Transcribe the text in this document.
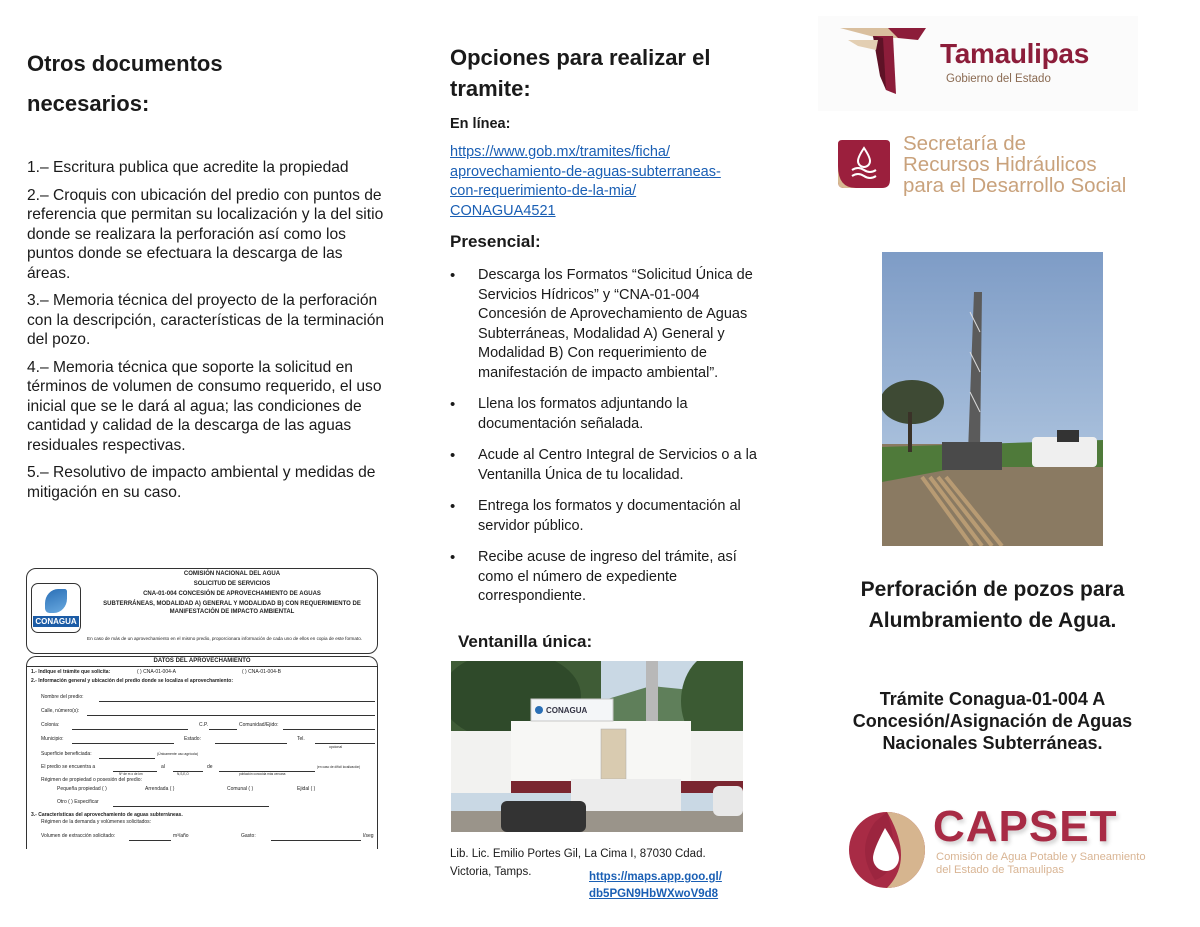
Otros documentos
necesarios:

1.– Escritura publica que acredite la propiedad

2.– Croquis con ubicación del predio con puntos de referencia que permitan su localización y la del sitio donde se realizara la perforación así como los puntos donde se efectuara la descarga de las áreas.

3.– Memoria técnica del proyecto de la perforación con la descripción, características de la terminación del pozo.

4.– Memoria técnica que soporte la solicitud en términos de volumen de consumo requerido, el uso inicial que se le dará al agua; las condiciones de cantidad y calidad de la descarga de las aguas residuales respectivas.

5.– Resolutivo de impacto ambiental y medidas de mitigación en su caso.

CONAGUA
COMISIÓN NACIONAL DEL AGUA
SOLICITUD DE SERVICIOS
CNA-01-004 CONCESIÓN DE APROVECHAMIENTO DE AGUAS
SUBTERRÁNEAS, MODALIDAD A) GENERAL Y MODALIDAD B) CON REQUERIMIENTO DE
MANIFESTACIÓN DE IMPACTO AMBIENTAL
En caso de más de un aprovechamiento en el mismo predio, proporcionara información de cada uno de ellos en copia de este formato.
DATOS DEL APROVECHAMIENTO
1.- Indique el trámite que solicita:	( ) CNA-01-004-A	( ) CNA-01-004-B
2.- Información general y ubicación del predio donde se localiza el aprovechamiento:
Nombre del predio:
Calle, número(s):
Colonia:	C.P.	Comunidad/Ejido:
Municipio:	Estado:	Tel.
opcional
Superficie beneficiada:	(Únicamente uso agrícola)
El predio se encuentra a	al	de	(en caso de difícil localización)
Nº de m o de km	N,S,E,O	población conocida más cercana
Régimen de propiedad o posesión del predio:
Pequeña propiedad ( )	Arrendada ( )	Comunal ( )	Ejidal ( )
Otro ( ) Especificar
3.- Características del aprovechamiento de aguas subterráneas.
Régimen de la demanda y volúmenes solicitados:
Volumen de extracción solicitado:	m³/año	Gasto:	l/seg
Opciones para realizar el tramite:
En línea:
https://www.gob.mx/tramites/ficha/
aprovechamiento-de-aguas-subterraneas-
con-requerimiento-de-la-mia/
CONAGUA4521
Presencial:
• Descarga los Formatos “Solicitud Única de Servicios Hídricos” y “CNA-01-004 Concesión de Aprovechamiento de Aguas Subterráneas, Modalidad A) General y Modalidad B) Con requerimiento de manifestación de impacto ambiental”.
• Llena los formatos adjuntando la documentación señalada.
• Acude al Centro Integral de Servicios o a la Ventanilla Única de tu localidad.
• Entrega los formatos y documentación al servidor público.
• Recibe acuse de ingreso del trámite, así como el número de expediente correspondiente.
Ventanilla única:
CONAGUA
Lib. Lic. Emilio Portes Gil, La Cima I, 87030 Cdad. Victoria, Tamps.	https://maps.app.goo.gl/
db5PGN9HbWXwoV9d8
Tamaulipas
Gobierno del Estado
Secretaría de
Recursos Hidráulicos
para el Desarrollo Social
Perforación de pozos para Alumbramiento de Agua.
Trámite Conagua-01-004 A
Concesión/Asignación de Aguas
Nacionales Subterráneas.
CAPSET
Comisión de Agua Potable y Saneamiento
del Estado de Tamaulipas
